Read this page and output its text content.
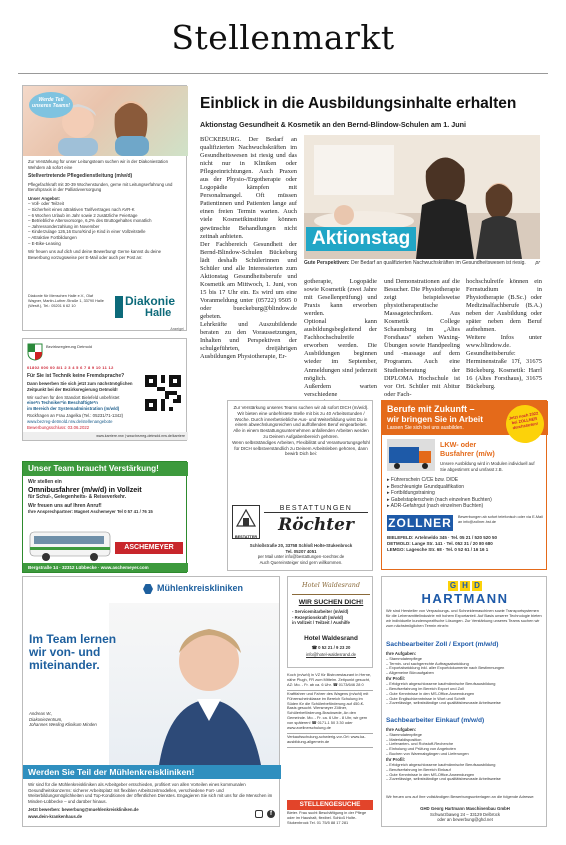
Stellenmarkt
Werde Teil unseres Teams!
Zur Verstärkung für unser Leitungsteam suchen wir in der Diakoniestation Wehdem ab sofort eine
Stellvertretende Pflegedienstleitung (m/w/d)
Pflegefachkraft mit 30-39 Wochenstunden, gerne mit Leitungserfahrung und Berufspraxis in der Palliativversorgung
Unser Angebot:
– Voll- oder Teilzeit
– Sicherheit eines attraktiven Tarifvertrages nach AVR-K
– 6 Wochen Urlaub im Jahr sowie 2 zusätzliche Feiertage
– Betriebliche Altersvorsorge, 6,2% des Bruttogehaltes monatlich
– Jahressonderzahlung im November
– Kinderzulage 126,16 Euro/Kind je Kind in einer Vollzeitstelle
– Attraktive Fortbildungen
– E-Bike-Leasing
Wir freuen uns auf dich und deine Bewerbung! Gerne kannst du deine Bewerbung vorzugsweise per E-Mail oder auch per Post an:
Diakonie für Menschen Halle e.V., Olaf Wagner, Martin-Luther-Straße 1, 33790 Halle (Westf.), Tel.: 05201 6 62 10	Diakonie
Halle
Anzeige/
Bezirksregierung Detmold
01802 000 00 8/1 2 3 4 5 6 7 8 9 10 11 12
Für Sie ist Technik keine Fremdsprache?
Dann bewerben Sie sich jetzt zum nächstmöglichen Zeitpunkt bei der Bezirksregierung Detmold!
Wir suchen für den Standort Bielefeld unbefristet
eine*n Techniker*in Beschäftigte*n
im Bereich der Systemadministration (m/w/d)
Rückfragen an Frau Jagelka (Tel.: 05231/71-1342)
www.bezreg-detmold.nrw.de/stellenangebote
Bewerbungsschluss: 03.06.2022
www.karriere.nrw | www.bezreg-detmold.nrw.de/karriere
Unser Team braucht Verstärkung!
Wir stellen ein
Omnibusfahrer (m/w/d) in Vollzeit
für Schul-, Gelegenheits- & Reiseverkehr.
Wir freuen uns auf Ihren Anruf!
Ihre Ansprechpartner: Magnet Aschemeyer Tel 0 57 41 / 76 15
ASCHEMEYER
Bergstraße 14 · 32312 Lübbecke · www.aschemeyer.com
Einblick in die Ausbildungsinhalte erhalten
Aktionstag Gesundheit & Kosmetik an den Bernd-Blindow-Schulen am 1. Juni
BÜCKEBURG. Der Bedarf an qualifizierten Nachwuchskräften im Gesundheitswesen ist riesig und das nicht nur in Kliniken oder Pflegeeinrichtungen. Auch Praxen aus der Physio-/Ergotherapie oder Logopädie kämpfen mit Personalmangel. Oft müssen Patientinnen und Patienten lange auf einen freien Termin warten. Auch viele Kosmetikinstitute können gewünschte Behandlungen nicht zeitnah anbieten.
Der Fachbereich Gesundheit der Bernd-Blindow-Schulen Bückeburg lädt deshalb Schülerinnen und Schüler und alle Interessierten zum Aktionstag Gesundheitsberufe und Kosmetik am Mittwoch, 1. Juni, von 15 bis 17 Uhr ein. Es wird um eine Voranmeldung unter (05722) 9505 0 oder bueckeburg@blindow.de gebeten.
Lehrkräfte und Auszubildende beraten zu den Voraussetzungen, Inhalten und Perspektiven der schulgeführten, dreijährigen Ausbildungen Physiotherapie, Er-
Aktionstag
Gute Perspektiven: Der Bedarf an qualifizierten Nachwuchskräften im Gesundheitswesen ist riesig. pr
gotherapie, Logopädie sowie Kosmetik (zwei Jahre mit Gesellenprüfung) und Praxis kann erworben werden.
Optional kann ausbildungsbegleitend der Fachhochschulreife erworben werden. Die Ausbildungen beginnen wieder im September, Anmeldungen sind jederzeit möglich.
Außerdem warten verschiedene
und Demonstrationen auf die Besucher. Die Physiotherapie zeigt beispielsweise physiotherapeutische Massagetechniken. Aus Kosmetik College Schaumburg im „Altes Forsthaus" stehen Waxing-Übungen sowie Handpeeling und -massage auf dem Programm. Auch eine Studienberatung der DIPLOMA Hochschule ist vor Ort. Schüler mit Abitur oder Fach-
hochschulreife können ein Fernstudium in Physiotherapie (B.Sc.) oder Medizinalfachberufe (B.A.) neben der Ausbildung oder später neben dem Beruf aufnehmen.
Weitere Infos unter www.blindow.de.
Gesundheitsberufe: Herminenstraße 17f, 31675 Bückeburg. Kosmetik: Harrl 16 (Altes Forsthaus), 31675 Bückeburg.
Zur Verstärkung unseres Teams suchen wir ab sofort DICH (m/w/d). Wir bieten eine unbefristete Stelle mit bis zu 40 Arbeitsstunden / Woche. Durch innerbetriebliche Aus- und Weiterbildung wirst Du in einem abwechslungsreichen und auffüllenden Beruf eingearbeitet.
Alle in einem Bestattungsunternehmen anfallenden Arbeiten werden zu Deinem Aufgabenbereich gehören.
Wenn selbstständiges Arbeiten, Flexibilität und Verantwortungsgefühl für DICH selbstverständlich zu Deinem Arbeitsleben gehören, dann bewirb Dich bei:
BESTATTER
BESTATTUNGEN
Röchter
Schloßstraße 20, 33758 Schloß Holte-Stukenbrock
Tel. 05207 4051
per Mail unter info@bestattungen-roechter.de
Auch Quereinsteiger sind gern willkommen.
Berufe mit Zukunft –
wir bringen Sie in Arbeit
Lassen Sie sich bei uns ausbilden.
Jetzt noch 2022 bei ZOLLNER durchstarten!
LKW- oder Busfahrer (m/w)
Unsere Ausbildung wird in Modulen individuell auf Sie abgestimmt und umfasst z.B.
▸ Führerschein C/CE bzw. D/DE
▸ Beschleunigte Grundqualifikation
▸ Fortbildungstraining
▸ Gabelstaplerschein (nach einzelnen Buchten)
▸ ADR-Gefahrgut (nach einzelnen Buchten)
ZOLLNER	Bewerbungen ab sofort telefonisch oder via E-Mail an info@zollner-hst.de
BIELEFELD: Artelmeldo 345 · Tel. 05 21 / 520 520 50
DETMOLD: Lange Str. 141 · Tel. 052 31 / 20 80 680
LEMGO: Lagesche Str. 68 · Tel. 0 52 61 / 16 16 1
Mühlenkreiskliniken
Im Team lernen wir von- und miteinander.
Andreas W.,
Diakoniezentrum,
Johannes Wesling Klinikum Minden
Werden Sie Teil der Mühlenkreiskliniken!
Wir sind für die Mühlenkreiskliniken als Arbeitgeber entschieden, profitiert von allen Vorteilen eines kommunalen Gesundheitskonzerns: sicherer Arbeitsplatz mit flexiblen Arbeitszeitmodellen, verschiedene Fort- und Weiterbildungsmöglichkeiten und Top-Konditionen der öffentlichen Dienstes. Engagieren Sie sich mit uns für die Menschen im Minden-Lübbecke – und darüber hinaus.
Jetzt bewerben: bewerbung@muehlenkreiskliniken.de
www.dein-krankenhaus.de	f
Hotel Waldesrand
WIR SUCHEN DICH!
- Servicemitarbeiter (m/w/d)
- Rezeptionskraft (m/w/d)
in Vollzeit / Teilzeit / Aushilfe
Hotel Waldesrand
☎ 0 52 21 / 9 23 20
info@hotel-waldesrand.de
Koch (m/w/d) in VZ für Bistrorestaurant in Herne, nähe Plugh, FR zum Mittelm. Zeitpunkt gesucht, AZ: Mo. - Fr. ab ca. 6 Uhr. ☎ 0173/646 28 0
Kraftfahrer und Fahrer des Wagens (m/w/d) mit Führerscheinklasse im Bereich Schulung im Süden für die Schülerbeförderung auf 450-€-Basis gesucht. Wersmeyer Zöllner, Schülerbeförderung-Brackwede, An den Gemeinde. Mo. - Fr. ca. 6 Uhr - 8 Uhr, wir gern von späteren! ☎ 0171-1 50 3 30 oder www.zoellnerschulung.de
Verkaufsschulung-schwierig-vor-Ort: www.ka-ausbildung-allgemein.de
STELLENGESUCHE
Bieter. Frau sucht Beschäftigung in der Pflege oder im Haushalt, flexibel. Schloß Holte-Stukenbrock Tel. 01 75/5 88 17 281
G H D
HARTMANN
Wir sind Hersteller von Verpackungs- und Schneidemaschinen sowie Transportsystemen für die Lebensmittelindustrie mit hohem Exportanteil. Auf Basis unserer Technologie bieten wir individuelle kundenspezifische Lösungen. Zur Verstärkung unseres Teams suchen wir zum nächstmöglichen Termin eine/n:
Sachbearbeiter Zoll / Export (m/w/d)
Ihre Aufgaben:
– Stammdatenpflege
– Termin- und sachgerechte Auftragsabwicklung
– Exportabwicklung inkl. aller Exportdokumente nach Bestimmungen
– Allgemeine Büroaufgaben
Ihr Profil:
– Erfolgreich abgeschlossene kaufmännische Berufsausbildung
– Berufserfahrung im Bereich Export und Zoll
– Gute Kenntnisse in den MS-Office-Anwendungen
– Gute Englischkenntnisse in Wort und Schrift
– Zuverlässige, selbstständige und qualitätsbewusste Arbeitsweise
Sachbearbeiter Einkauf (m/w/d)
Ihre Aufgaben:
– Stammdatenpflege
– Materialdisposition
– Lieferanten- und Rohstoff-Recherche
– Einholung und Prüfung von Angeboten
– Buchen von Warenabgängen und Lieferungen
Ihr Profil:
– Erfolgreich abgeschlossene kaufmännische Berufsausbildung
– Berufserfahrung im Bereich Einkauf
– Gute Kenntnisse in den MS-Office-Anwendungen
– Zuverlässige, selbstständige und qualitätsbewusste Arbeitsweise
Wir freuen uns auf Ihre vollständigen Bewerbungsunterlagen an die folgende Adresse:
GHD Georg Hartmann Maschinenbau GmbH
Schwarzbaweg 24 – 33129 Delbrück
oder an bewerbung@ghd.net
